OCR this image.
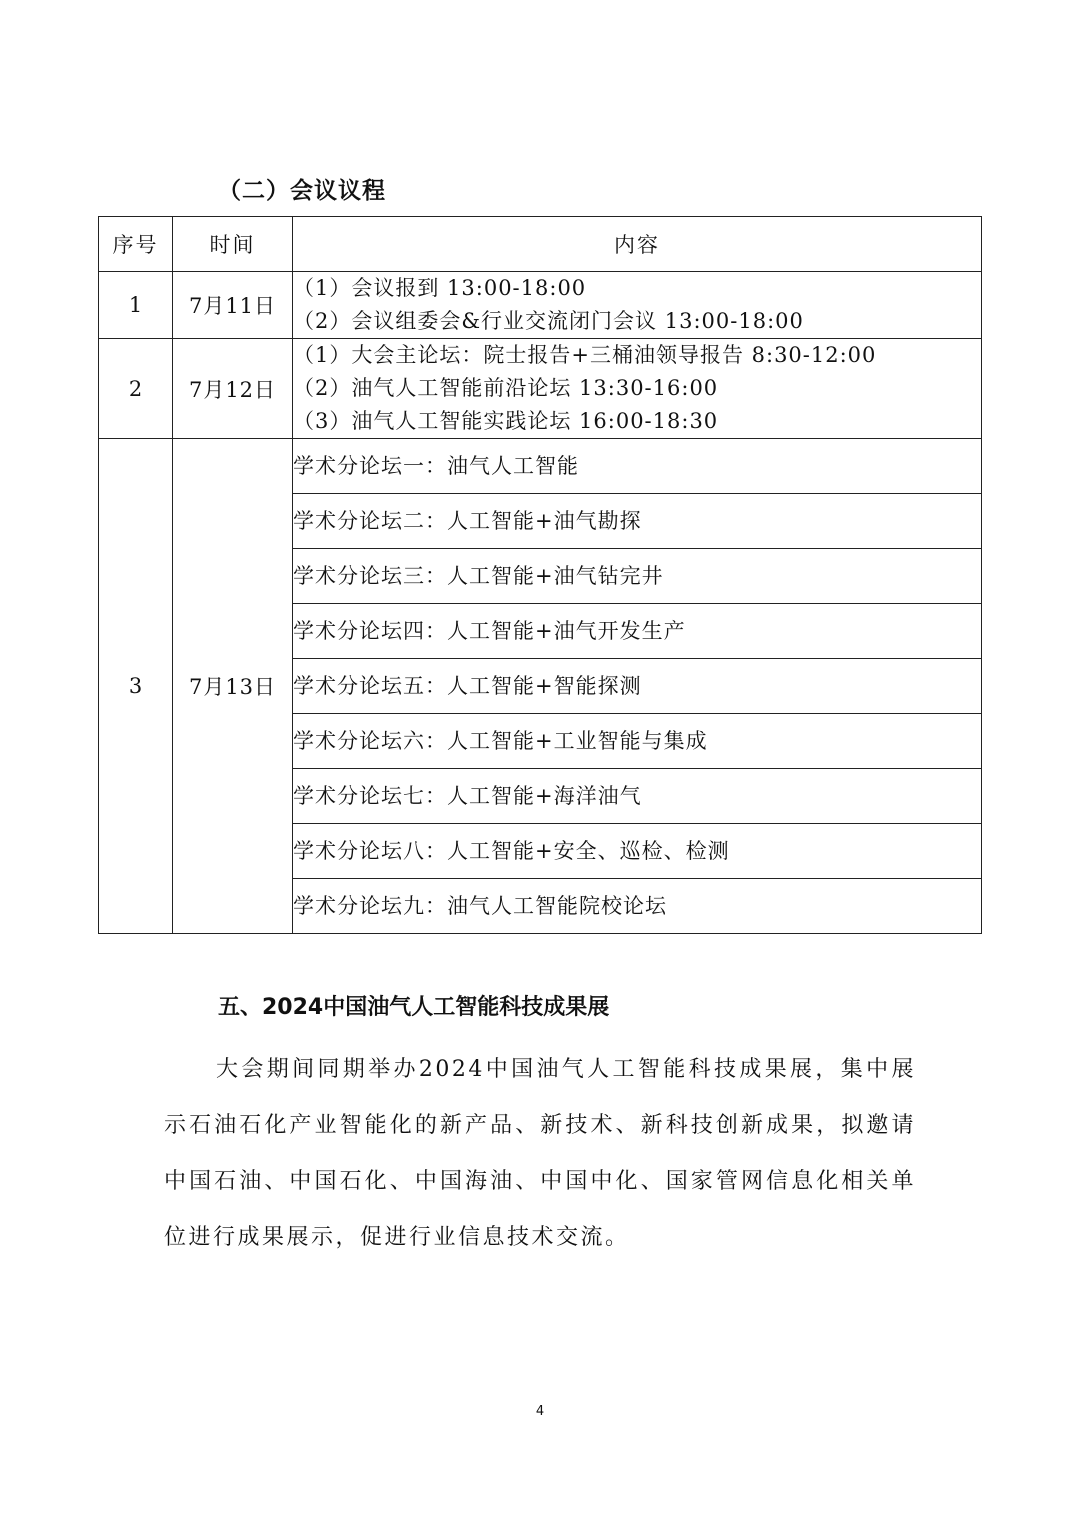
（二）会议议程
序号	时间	内容
1	7月11日	（1）会议报到 13:00-18:00
（2）会议组委会&行业交流闭门会议 13:00-18:00

2	7月12日	（1）大会主论坛：院士报告+三桶油领导报告 8:30-12:00
（2）油气人工智能前沿论坛 13:30-16:00
（3）油气人工智能实践论坛 16:00-18:30

3	7月13日	学术分论坛一：油气人工智能
		学术分论坛二：人工智能+油气勘探
		学术分论坛三：人工智能+油气钻完井
		学术分论坛四：人工智能+油气开发生产
		学术分论坛五：人工智能+智能探测
		学术分论坛六：人工智能+工业智能与集成
		学术分论坛七：人工智能+海洋油气
		学术分论坛八：人工智能+安全、巡检、检测
		学术分论坛九：油气人工智能院校论坛
五、2024中国油气人工智能科技成果展
大会期间同期举办2024中国油气人工智能科技成果展，集中展示石油石化产业智能化的新产品、新技术、新科技创新成果，拟邀请中国石油、中国石化、中国海油、中国中化、国家管网信息化相关单位进行成果展示，促进行业信息技术交流。
4
